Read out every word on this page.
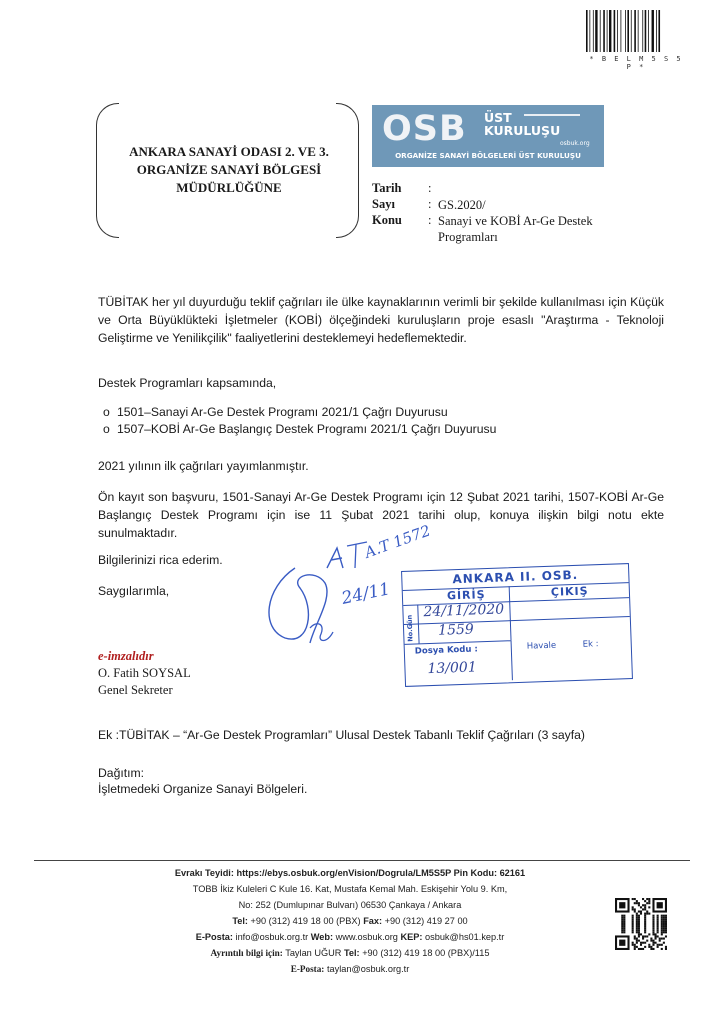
* B E L M 5 S 5 P *
ANKARA SANAYİ ODASI 2. VE 3.
ORGANİZE SANAYİ BÖLGESİ
MÜDÜRLÜĞÜNE
OSB ÜST
KURULUŞU
osbuk.org
ORGANİZE SANAYİ BÖLGELERİ ÜST KURULUŞU
Tarih :
Sayı	: GS.2020/
Konu : Sanayi ve KOBİ Ar-Ge Destek Programları
TÜBİTAK her yıl duyurduğu teklif çağrıları ile ülke kaynaklarının verimli bir şekilde kullanılması için Küçük ve Orta Büyüklükteki İşletmeler (KOBİ) ölçeğindeki kuruluşların proje esaslı "Araştırma - Teknoloji Geliştirme ve Yenilikçilik" faaliyetlerini desteklemeyi hedeflemektedir.
Destek Programları kapsamında,
o 1501–Sanayi Ar-Ge Destek Programı 2021/1 Çağrı Duyurusu
o 1507–KOBİ Ar-Ge Başlangıç Destek Programı 2021/1 Çağrı Duyurusu
2021 yılının ilk çağrıları yayımlanmıştır.
Ön kayıt son başvuru, 1501-Sanayi Ar-Ge Destek Programı için 12 Şubat 2021 tarihi, 1507-KOBİ Ar-Ge Başlangıç Destek Programı için ise 11 Şubat 2021 tarihi olup, konuya ilişkin bilgi notu ekte sunulmaktadır.
Bilgilerinizi rica ederim.
Saygılarımla,
A.T 1572
24/11
ANKARA II. OSB.
GİRİŞ	ÇIKIŞ
No.Gün
24/11/2020
1559
Dosya Kodu :
13/001
Havale	Ek :
e-imzalıdır
O. Fatih SOYSAL
Genel Sekreter
Ek :TÜBİTAK – “Ar-Ge Destek Programları” Ulusal Destek Tabanlı Teklif Çağrıları (3 sayfa)
Dağıtım:
İşletmedeki Organize Sanayi Bölgeleri.
Evrakı Teyidi: https://ebys.osbuk.org/enVision/Dogrula/LM5S5P Pin Kodu: 62161
TOBB İkiz Kuleleri C Kule 16. Kat, Mustafa Kemal Mah. Eskişehir Yolu 9. Km,
No: 252 (Dumlupınar Bulvarı) 06530 Çankaya / Ankara
Tel: +90 (312) 419 18 00 (PBX) Fax: +90 (312) 419 27 00
E-Posta: info@osbuk.org.tr Web: www.osbuk.org KEP: osbuk@hs01.kep.tr
Ayrıntılı bilgi için: Taylan UĞUR Tel: +90 (312) 419 18 00 (PBX)/115
E-Posta: taylan@osbuk.org.tr
